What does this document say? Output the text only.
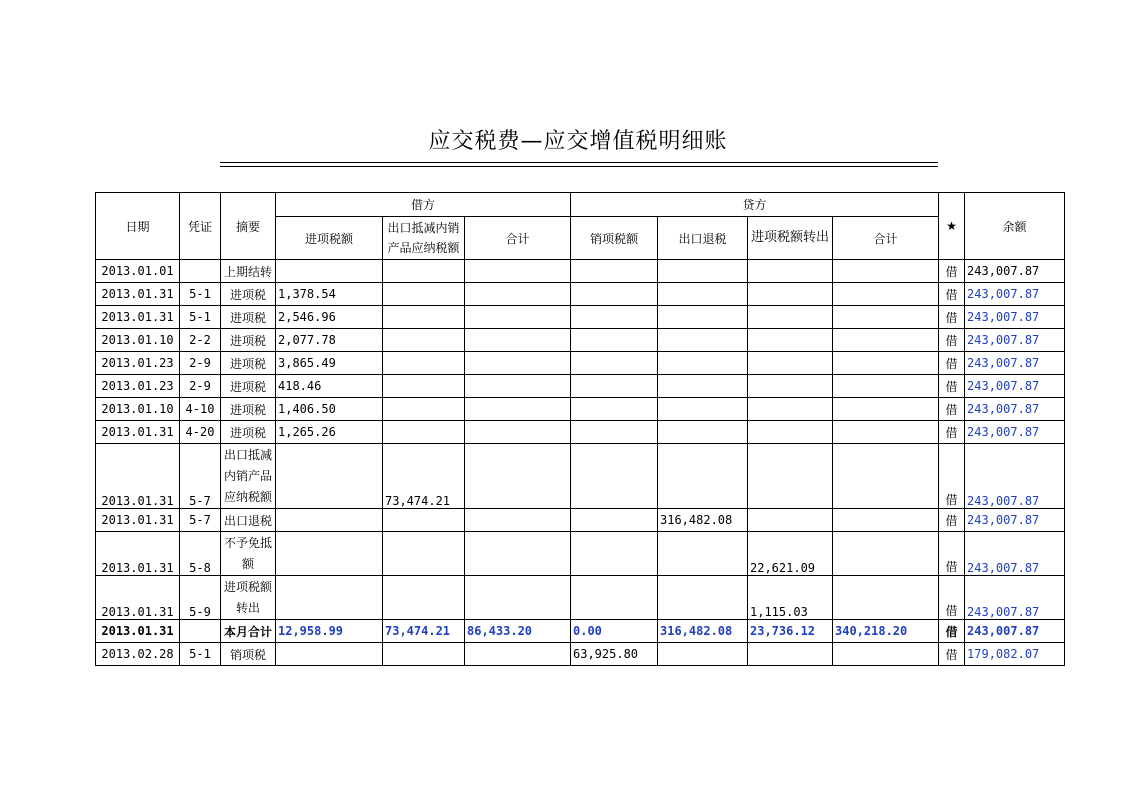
应交税费—应交增值税明细账
日期	凭证	摘要	借方			贷方				★	余额
			进项税额	出口抵减内销产品应纳税额	合计	销项税额	出口退税	进项税额转出	合计		
2013.01.01		上期结转								借	243,007.87
2013.01.31	5-1	进项税	1,378.54							借	243,007.87
2013.01.31	5-1	进项税	2,546.96							借	243,007.87
2013.01.10	2-2	进项税	2,077.78							借	243,007.87
2013.01.23	2-9	进项税	3,865.49							借	243,007.87
2013.01.23	2-9	进项税	418.46							借	243,007.87
2013.01.10	4-10	进项税	1,406.50							借	243,007.87
2013.01.31	4-20	进项税	1,265.26							借	243,007.87
2013.01.31	5-7	出口抵减内销产品应纳税额		73,474.21						借	243,007.87
2013.01.31	5-7	出口退税					316,482.08			借	243,007.87
2013.01.31	5-8	不予免抵额						22,621.09		借	243,007.87
2013.01.31	5-9	进项税额转出						1,115.03		借	243,007.87
2013.01.31		本月合计	12,958.99	73,474.21	86,433.20	0.00	316,482.08	23,736.12	340,218.20	借	243,007.87
2013.02.28	5-1	销项税				63,925.80				借	179,082.07
